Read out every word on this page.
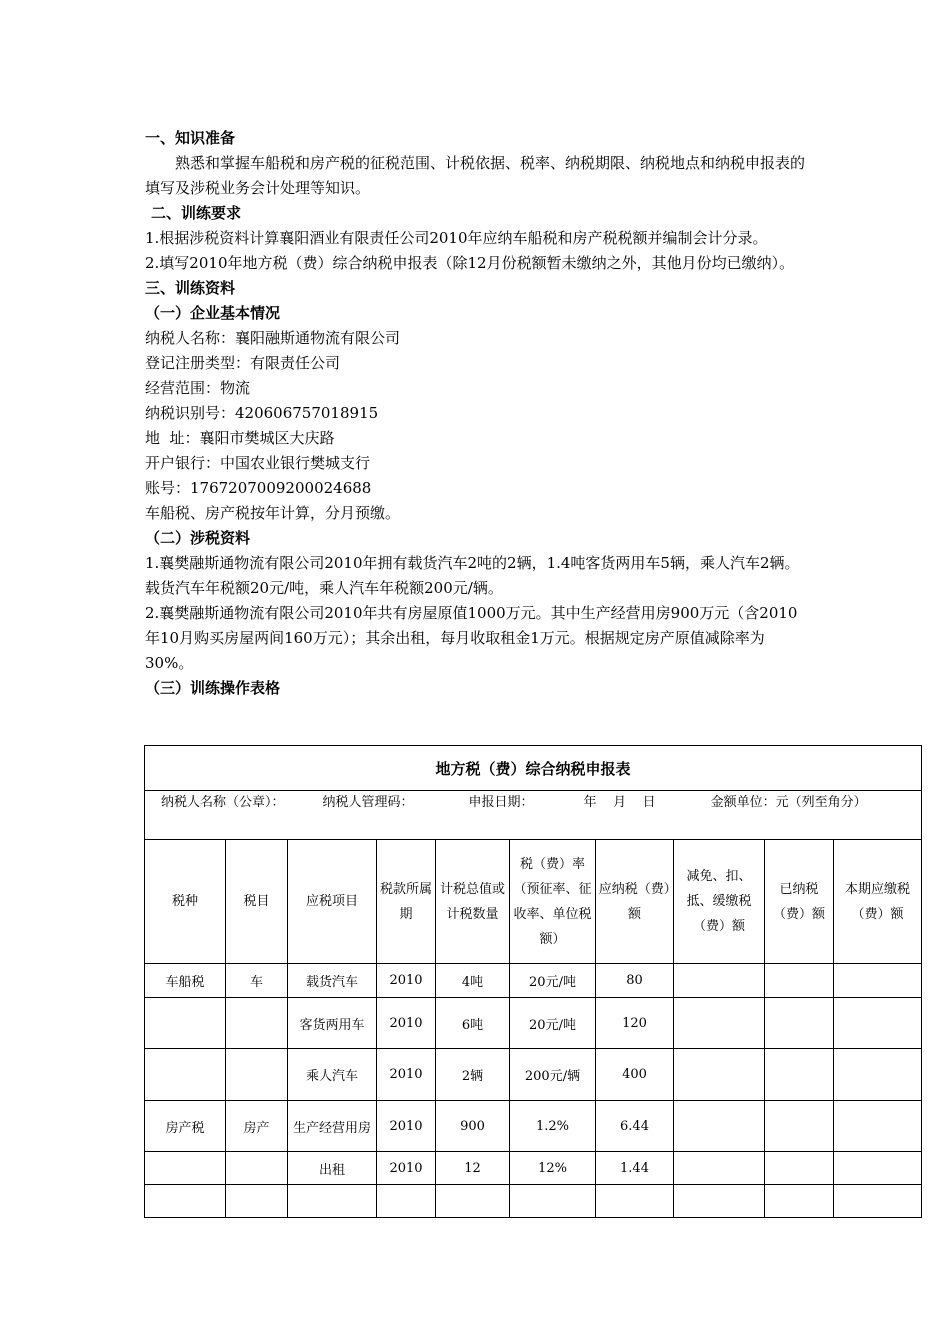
一、知识准备
熟悉和掌握车船税和房产税的征税范围、计税依据、税率、纳税期限、纳税地点和纳税申报表的填写及涉税业务会计处理等知识。
二、训练要求
1.根据涉税资料计算襄阳酒业有限责任公司2010年应纳车船税和房产税税额并编制会计分录。
2.填写2010年地方税（费）综合纳税申报表（除12月份税额暂未缴纳之外，其他月份均已缴纳）。
三、训练资料
（一）企业基本情况
纳税人名称：襄阳融斯通物流有限公司
登记注册类型：有限责任公司
经营范围：物流
纳税识别号：420606757018915
地  址：襄阳市樊城区大庆路
开户银行：中国农业银行樊城支行
账号：1767207009200024688
车船税、房产税按年计算，分月预缴。
（二）涉税资料
1.襄樊融斯通物流有限公司2010年拥有载货汽车2吨的2辆，1.4吨客货两用车5辆，乘人汽车2辆。载货汽车年税额20元/吨，乘人汽车年税额200元/辆。
2.襄樊融斯通物流有限公司2010年共有房屋原值1000万元。其中生产经营用房900万元（含2010年10月购买房屋两间160万元）；其余出租，每月收取租金1万元。根据规定房产原值减除率为30%。
（三）训练操作表格
地方税（费）综合纳税申报表									
纳税人名称（公章）： 纳税人管理码： 申报日期： 年    月    日 金额单位：元（列至角分）									
税种	税目	应税项目	税款所属期	计税总值或计税数量	税（费）率（预征率、征收率、单位税额）	应纳税（费）额	减免、扣、抵、缓缴税（费）额	已纳税（费）额	本期应缴税（费）额
车船税	车	载货汽车	2010	4吨	20元/吨	80			
		客货两用车	2010	6吨	20元/吨	120			
		乘人汽车	2010	2辆	200元/辆	400			
房产税	房产	生产经营用房	2010	900	1.2%	6.44			
		出租	2010	12	12%	1.44			
